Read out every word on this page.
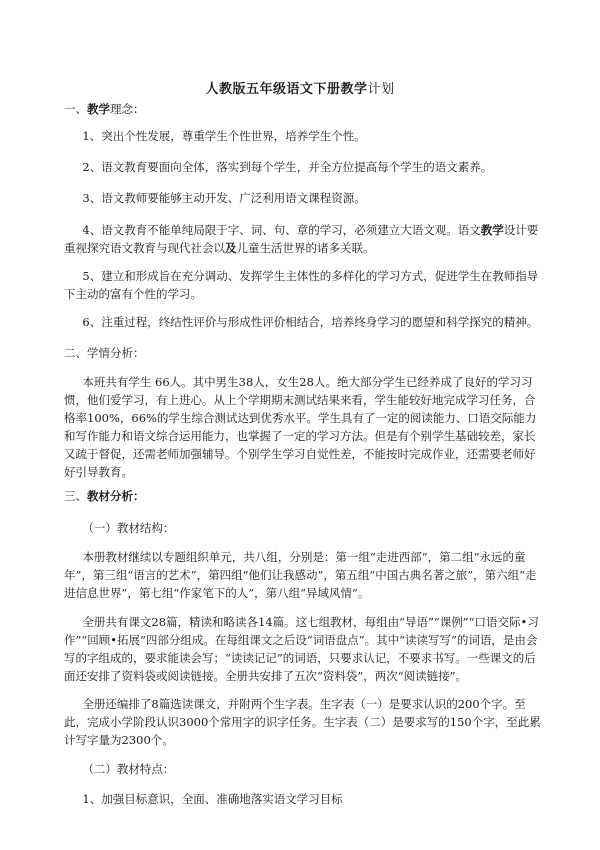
人教版五年级语文下册教学计划
一、教学理念：

1、突出个性发展，尊重学生个性世界，培养学生个性。

2、语文教育要面向全体，落实到每个学生，并全方位提高每个学生的语文素养。

3、语文教师要能够主动开发、广泛利用语文课程资源。

4、语文教育不能单纯局限于字、词、句、章的学习，必须建立大语文观。语文教学设计要重视探究语文教育与现代社会以及儿童生活世界的诸多关联。

5、建立和形成旨在充分调动、发挥学生主体性的多样化的学习方式，促进学生在教师指导下主动的富有个性的学习。

6、注重过程，终结性评价与形成性评价相结合，培养终身学习的愿望和科学探究的精神。

二、学情分析：

本班共有学生 66人。其中男生38人，女生28人。绝大部分学生已经养成了良好的学习习惯，他们爱学习，有上进心。从上个学期期末测试结果来看，学生能较好地完成学习任务，合格率100%，66%的学生综合测试达到优秀水平。学生具有了一定的阅读能力、口语交际能力和写作能力和语文综合运用能力，也掌握了一定的学习方法。但是有个别学生基础较差，家长又疏于督促，还需老师加强辅导。个别学生学习自觉性差，不能按时完成作业，还需要老师好好引导教育。

三、教材分析：

（一）教材结构：

本册教材继续以专题组织单元，共八组，分别是：第一组“走进西部”，第二组“永远的童年”，第三组“语言的艺术”，第四组“他们让我感动”，第五组“中国古典名著之旅”，第六组“走进信息世界”，第七组“作家笔下的人”，第八组“异域风情”。

全册共有课文28篇，精读和略读各14篇。这七组教材，每组由“导语”“课例”“口语交际•习作”“回顾•拓展”四部分组成。在每组课文之后设“词语盘点”。其中“读读写写”的词语，是由会写的字组成的，要求能读会写；“读读记记”的词语，只要求认记，不要求书写。一些课文的后面还安排了资料袋或阅读链接。全册共安排了五次“资料袋”，两次“阅读链接”。

全册还编排了8篇选读课文，并附两个生字表。生字表（一）是要求认识的200个字。至此，完成小学阶段认识3000个常用字的识字任务。生字表（二）是要求写的150个字，至此累计写字量为2300个。

（二）教材特点：

1、加强目标意识，全面、准确地落实语文学习目标
